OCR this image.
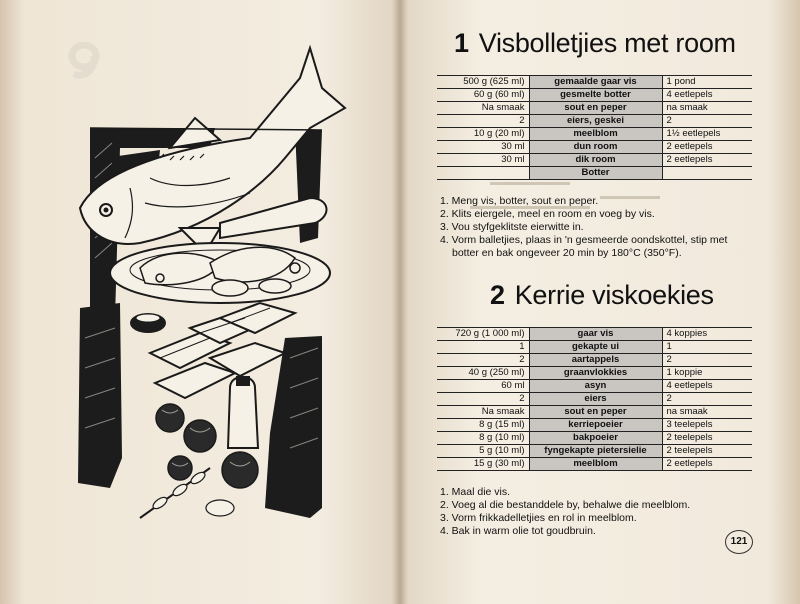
1 Visbolletjies met room
500 g (625 ml)	gemaalde gaar vis	1 pond
60 g (60 ml)	gesmelte botter	4 eetlepels
Na smaak	sout en peper	na smaak
2	eiers, geskei	2
10 g (20 ml)	meelblom	1½ eetlepels
30 ml	dun room	2 eetlepels
30 ml	dik room	2 eetlepels
	Botter	
1. Meng vis, botter, sout en peper.
2. Klits eiergele, meel en room en voeg by vis.
3. Vou styfgeklitste eierwitte in.
4. Vorm balletjies, plaas in 'n gesmeerde oondskottel, stip met
botter en bak ongeveer 20 min by 180°C (350°F).
2 Kerrie viskoekies
720 g (1 000 ml)	gaar vis	4 koppies
1	gekapte ui	1
2	aartappels	2
40 g (250 ml)	graanvlokkies	1 koppie
60 ml	asyn	4 eetlepels
2	eiers	2
Na smaak	sout en peper	na smaak
8 g (15 ml)	kerriepoeier	3 teelepels
8 g (10 ml)	bakpoeier	2 teelepels
5 g (10 ml)	fyngekapte pietersielie	2 teelepels
15 g (30 ml)	meelblom	2 eetlepels
1. Maal die vis.
2. Voeg al die bestanddele by, behalwe die meelblom.
3. Vorm frikkadelletjies en rol in meelblom.
4. Bak in warm olie tot goudbruin.
121
